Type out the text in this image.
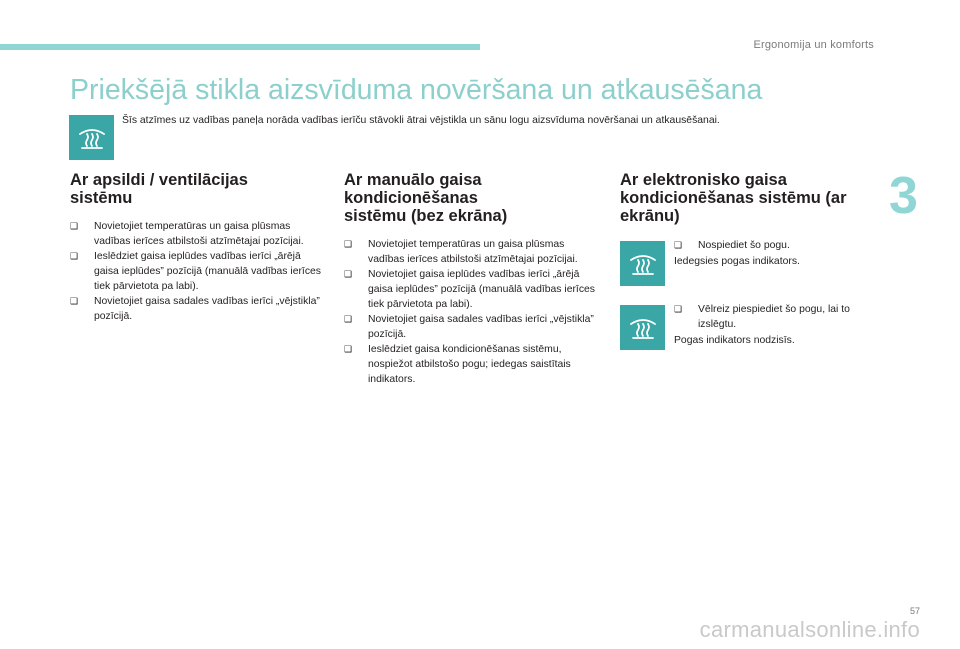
Ergonomija un komforts
Priekšējā stikla aizsvīduma novēršana un atkausēšana
Šīs atzīmes uz vadības paneļa norāda vadības ierīču stāvokli ātrai vējstikla un sānu logu aizsvīduma novēršanai un atkausēšanai.
Ar apsildi / ventilācijas sistēmu
❑ Novietojiet temperatūras un gaisa plūsmas vadības ierīces atbilstoši atzīmētajai pozīcijai.
❑ Ieslēdziet gaisa ieplūdes vadības ierīci „ārējā gaisa ieplūdes” pozīcijā (manuālā vadības ierīces tiek pārvietota pa labi).
❑ Novietojiet gaisa sadales vadības ierīci „vējstikla” pozīcijā.
Ar manuālo gaisa kondicionēšanas sistēmu (bez ekrāna)
❑ Novietojiet temperatūras un gaisa plūsmas vadības ierīces atbilstoši atzīmētajai pozīcijai.
❑ Novietojiet gaisa ieplūdes vadības ierīci „ārējā gaisa ieplūdes” pozīcijā (manuālā vadības ierīces tiek pārvietota pa labi).
❑ Novietojiet gaisa sadales vadības ierīci „vējstikla” pozīcijā.
❑ Ieslēdziet gaisa kondicionēšanas sistēmu, nospiežot atbilstošo pogu; iedegas saistītais indikators.
Ar elektronisko gaisa kondicionēšanas sistēmu (ar ekrānu)
❑ Nospiediet šo pogu.
Iedegsies pogas indikators.
❑ Vēlreiz piespiediet šo pogu, lai to izslēgtu.
Pogas indikators nodzisīs.
3
57
carmanualsonline.info
